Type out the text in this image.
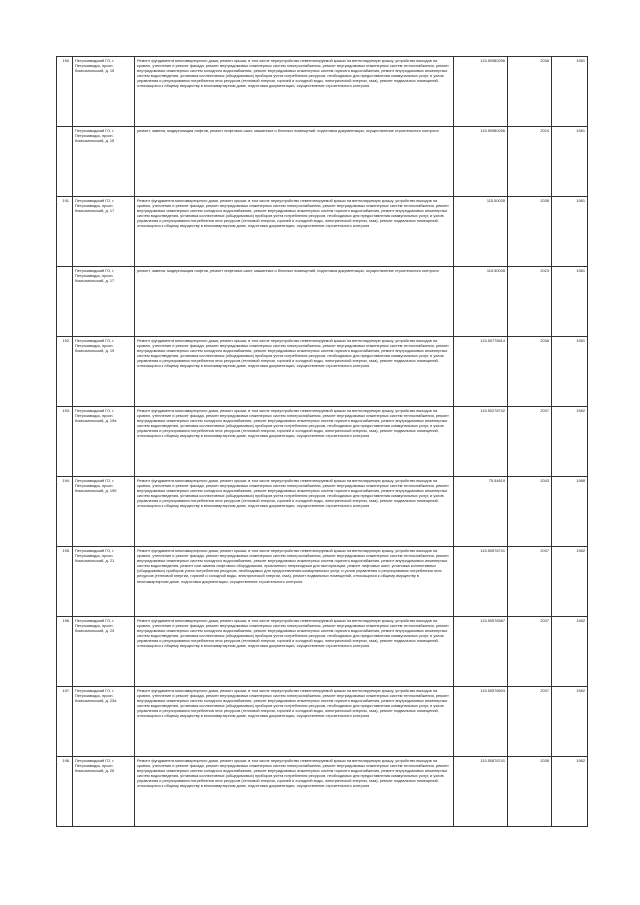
190.	Петрозаводский ГО, г. Петрозаводск, просп. Комсомольский, д. 15	Ремонт фундамента многоквартирного дома, ремонт крыши, в том числе переустройство невентилируемой крыши на вентилируемую крышу, устройство выходов на кровлю, утепление и ремонт фасада, ремонт внутридомовых инженерных систем электроснабжения, ремонт внутридомовых инженерных систем теплоснабжения, ремонт внутридомовых инженерных систем холодного водоснабжения, ремонт внутридомовых инженерных систем горячего водоснабжения, ремонт внутридомовых инженерных систем водоотведения, установка коллективных (общедомовых) приборов учета потребления ресурсов, необходимых для предоставления коммунальных услуг, и узлов управления и регулирования потребления этих ресурсов (тепловой энергии, горячей и холодной воды, электрической энергии, газа), ремонт подвальных помещений, относящихся к общему имуществу в многоквартирном доме, подготовка документации, осуществление строительного контроля	115.50980256	2036	1981
	Петрозаводский ГО, г. Петрозаводск, просп. Комсомольский, д. 15	ремонт, замена, модернизация лифтов, ремонт лифтовых шахт, машинных и блочных помещений, подготовка документации, осуществление строительного контроля	115.50980256	2024	1981
191.	Петрозаводский ГО, г. Петрозаводск, просп. Комсомольский, д. 17	Ремонт фундамента многоквартирного дома, ремонт крыши, в том числе переустройство невентилируемой крыши на вентилируемую крышу, устройство выходов на кровлю, утепление и ремонт фасада, ремонт внутридомовых инженерных систем электроснабжения, ремонт внутридомовых инженерных систем теплоснабжения, ремонт внутридомовых инженерных систем холодного водоснабжения, ремонт внутридомовых инженерных систем горячего водоснабжения, ремонт внутридомовых инженерных систем водоотведения, установка коллективных (общедомовых) приборов учета потребления ресурсов, необходимых для предоставления коммунальных услуг, и узлов управления и регулирования потребления этих ресурсов (тепловой энергии, горячей и холодной воды, электрической энергии, газа), ремонт подвальных помещений, относящихся к общему имуществу в многоквартирном доме, подготовка документации, осуществление строительного контроля	115.50035	2036	1981
	Петрозаводский ГО, г. Петрозаводск, просп. Комсомольский, д. 17	ремонт, замена, модернизация лифтов, ремонт лифтовых шахт, машинных и блочных помещений, подготовка документации, осуществление строительного контроля	115.50035	2023	1981
192.	Петрозаводский ГО, г. Петрозаводск, просп. Комсомольский, д. 19	Ремонт фундамента многоквартирного дома, ремонт крыши, в том числе переустройство невентилируемой крыши на вентилируемую крышу, устройство выходов на кровлю, утепление и ремонт фасада, ремонт внутридомовых инженерных систем электроснабжения, ремонт внутридомовых инженерных систем теплоснабжения, ремонт внутридомовых инженерных систем холодного водоснабжения, ремонт внутридомовых инженерных систем горячего водоснабжения, ремонт внутридомовых инженерных систем водоотведения, установка коллективных (общедомовых) приборов учета потребления ресурсов, необходимых для предоставления коммунальных услуг, и узлов управления и регулирования потребления этих ресурсов (тепловой энергии, горячей и холодной воды, электрической энергии, газа), ремонт подвальных помещений, относящихся к общему имуществу в многоквартирном доме, подготовка документации, осуществление строительного контроля	115.50775614	2036	1981
193.	Петрозаводский ГО, г. Петрозаводск, просп. Комсомольский, д. 19а	Ремонт фундамента многоквартирного дома, ремонт крыши, в том числе переустройство невентилируемой крыши на вентилируемую крышу, устройство выходов на кровлю, утепление и ремонт фасада, ремонт внутридомовых инженерных систем электроснабжения, ремонт внутридомовых инженерных систем теплоснабжения, ремонт внутридомовых инженерных систем холодного водоснабжения, ремонт внутридомовых инженерных систем горячего водоснабжения, ремонт внутридомовых инженерных систем водоотведения, установка коллективных (общедомовых) приборов учета потребления ресурсов, необходимых для предоставления коммунальных услуг, и узлов управления и регулирования потребления этих ресурсов (тепловой энергии, горячей и холодной воды, электрической энергии, газа), ремонт подвальных помещений, относящихся к общему имуществу в многоквартирном доме, подготовка документации, осуществление строительного контроля	115.50278742	2037	1982
194.	Петрозаводский ГО, г. Петрозаводск, просп. Комсомольский, д. 19б	Ремонт фундамента многоквартирного дома, ремонт крыши, в том числе переустройство невентилируемой крыши на вентилируемую крышу, устройство выходов на кровлю, утепление и ремонт фасада, ремонт внутридомовых инженерных систем электроснабжения, ремонт внутридомовых инженерных систем теплоснабжения, ремонт внутридомовых инженерных систем холодного водоснабжения, ремонт внутридомовых инженерных систем горячего водоснабжения, ремонт внутридомовых инженерных систем водоотведения, установка коллективных (общедомовых) приборов учета потребления ресурсов, необходимых для предоставления коммунальных услуг, и узлов управления и регулирования потребления этих ресурсов (тепловой энергии, горячей и холодной воды, электрической энергии, газа), ремонт подвальных помещений, относящихся к общему имуществу в многоквартирном доме, подготовка документации, осуществление строительного контроля	75.54619	2043	1988
195.	Петрозаводский ГО, г. Петрозаводск, просп. Комсомольский, д. 21	Ремонт фундамента многоквартирного дома, ремонт крыши, в том числе переустройство невентилируемой крыши на вентилируемую крышу, устройство выходов на кровлю, утепление и ремонт фасада, ремонт внутридомовых инженерных систем электроснабжения, ремонт внутридомовых инженерных систем теплоснабжения, ремонт внутридомовых инженерных систем холодного водоснабжения, ремонт внутридомовых инженерных систем горячего водоснабжения, ремонт внутридомовых инженерных систем водоотведения, ремонт или замена лифтового оборудования, признанного непригодным для эксплуатации, ремонт лифтовых шахт, установка коллективных (общедомовых) приборов учета потребления ресурсов, необходимых для предоставления коммунальных услуг, и узлов управления и регулирования потребления этих ресурсов (тепловой энергии, горячей и холодной воды, электрической энергии, газа), ремонт подвальных помещений, относящихся к общему имуществу в многоквартирном доме, подготовка документации, осуществление строительного контроля	115.50576741	2037	1982
196.	Петрозаводский ГО, г. Петрозаводск, просп. Комсомольский, д. 23	Ремонт фундамента многоквартирного дома, ремонт крыши, в том числе переустройство невентилируемой крыши на вентилируемую крышу, устройство выходов на кровлю, утепление и ремонт фасада, ремонт внутридомовых инженерных систем электроснабжения, ремонт внутридомовых инженерных систем теплоснабжения, ремонт внутридомовых инженерных систем холодного водоснабжения, ремонт внутридомовых инженерных систем горячего водоснабжения, ремонт внутридомовых инженерных систем водоотведения, установка коллективных (общедомовых) приборов учета потребления ресурсов, необходимых для предоставления коммунальных услуг, и узлов управления и регулирования потребления этих ресурсов (тепловой энергии, горячей и холодной воды, электрической энергии, газа), ремонт подвальных помещений, относящихся к общему имуществу в многоквартирном доме, подготовка документации, осуществление строительного контроля	115.50576587	2037	1982
197.	Петрозаводский ГО, г. Петрозаводск, просп. Комсомольский, д. 23а	Ремонт фундамента многоквартирного дома, ремонт крыши, в том числе переустройство невентилируемой крыши на вентилируемую крышу, устройство выходов на кровлю, утепление и ремонт фасада, ремонт внутридомовых инженерных систем электроснабжения, ремонт внутридомовых инженерных систем теплоснабжения, ремонт внутридомовых инженерных систем холодного водоснабжения, ремонт внутридомовых инженерных систем горячего водоснабжения, ремонт внутридомовых инженерных систем водоотведения, установка коллективных (общедомовых) приборов учета потребления ресурсов, необходимых для предоставления коммунальных услуг, и узлов управления и регулирования потребления этих ресурсов (тепловой энергии, горячей и холодной воды, электрической энергии, газа), ремонт подвальных помещений, относящихся к общему имуществу в многоквартирном доме, подготовка документации, осуществление строительного контроля	115.50576693	2037	1982
198.	Петрозаводский ГО, г. Петрозаводск, просп. Комсомольский, д. 25	Ремонт фундамента многоквартирного дома, ремонт крыши, в том числе переустройство невентилируемой крыши на вентилируемую крышу, устройство выходов на кровлю, утепление и ремонт фасада, ремонт внутридомовых инженерных систем электроснабжения, ремонт внутридомовых инженерных систем теплоснабжения, ремонт внутридомовых инженерных систем холодного водоснабжения, ремонт внутридомовых инженерных систем горячего водоснабжения, ремонт внутридомовых инженерных систем водоотведения, установка коллективных (общедомовых) приборов учета потребления ресурсов, необходимых для предоставления коммунальных услуг, и узлов управления и регулирования потребления этих ресурсов (тепловой энергии, горячей и холодной воды, электрической энергии, газа), ремонт подвальных помещений, относящихся к общему имуществу в многоквартирном доме, подготовка документации, осуществление строительного контроля	115.50876741	2036	1982
